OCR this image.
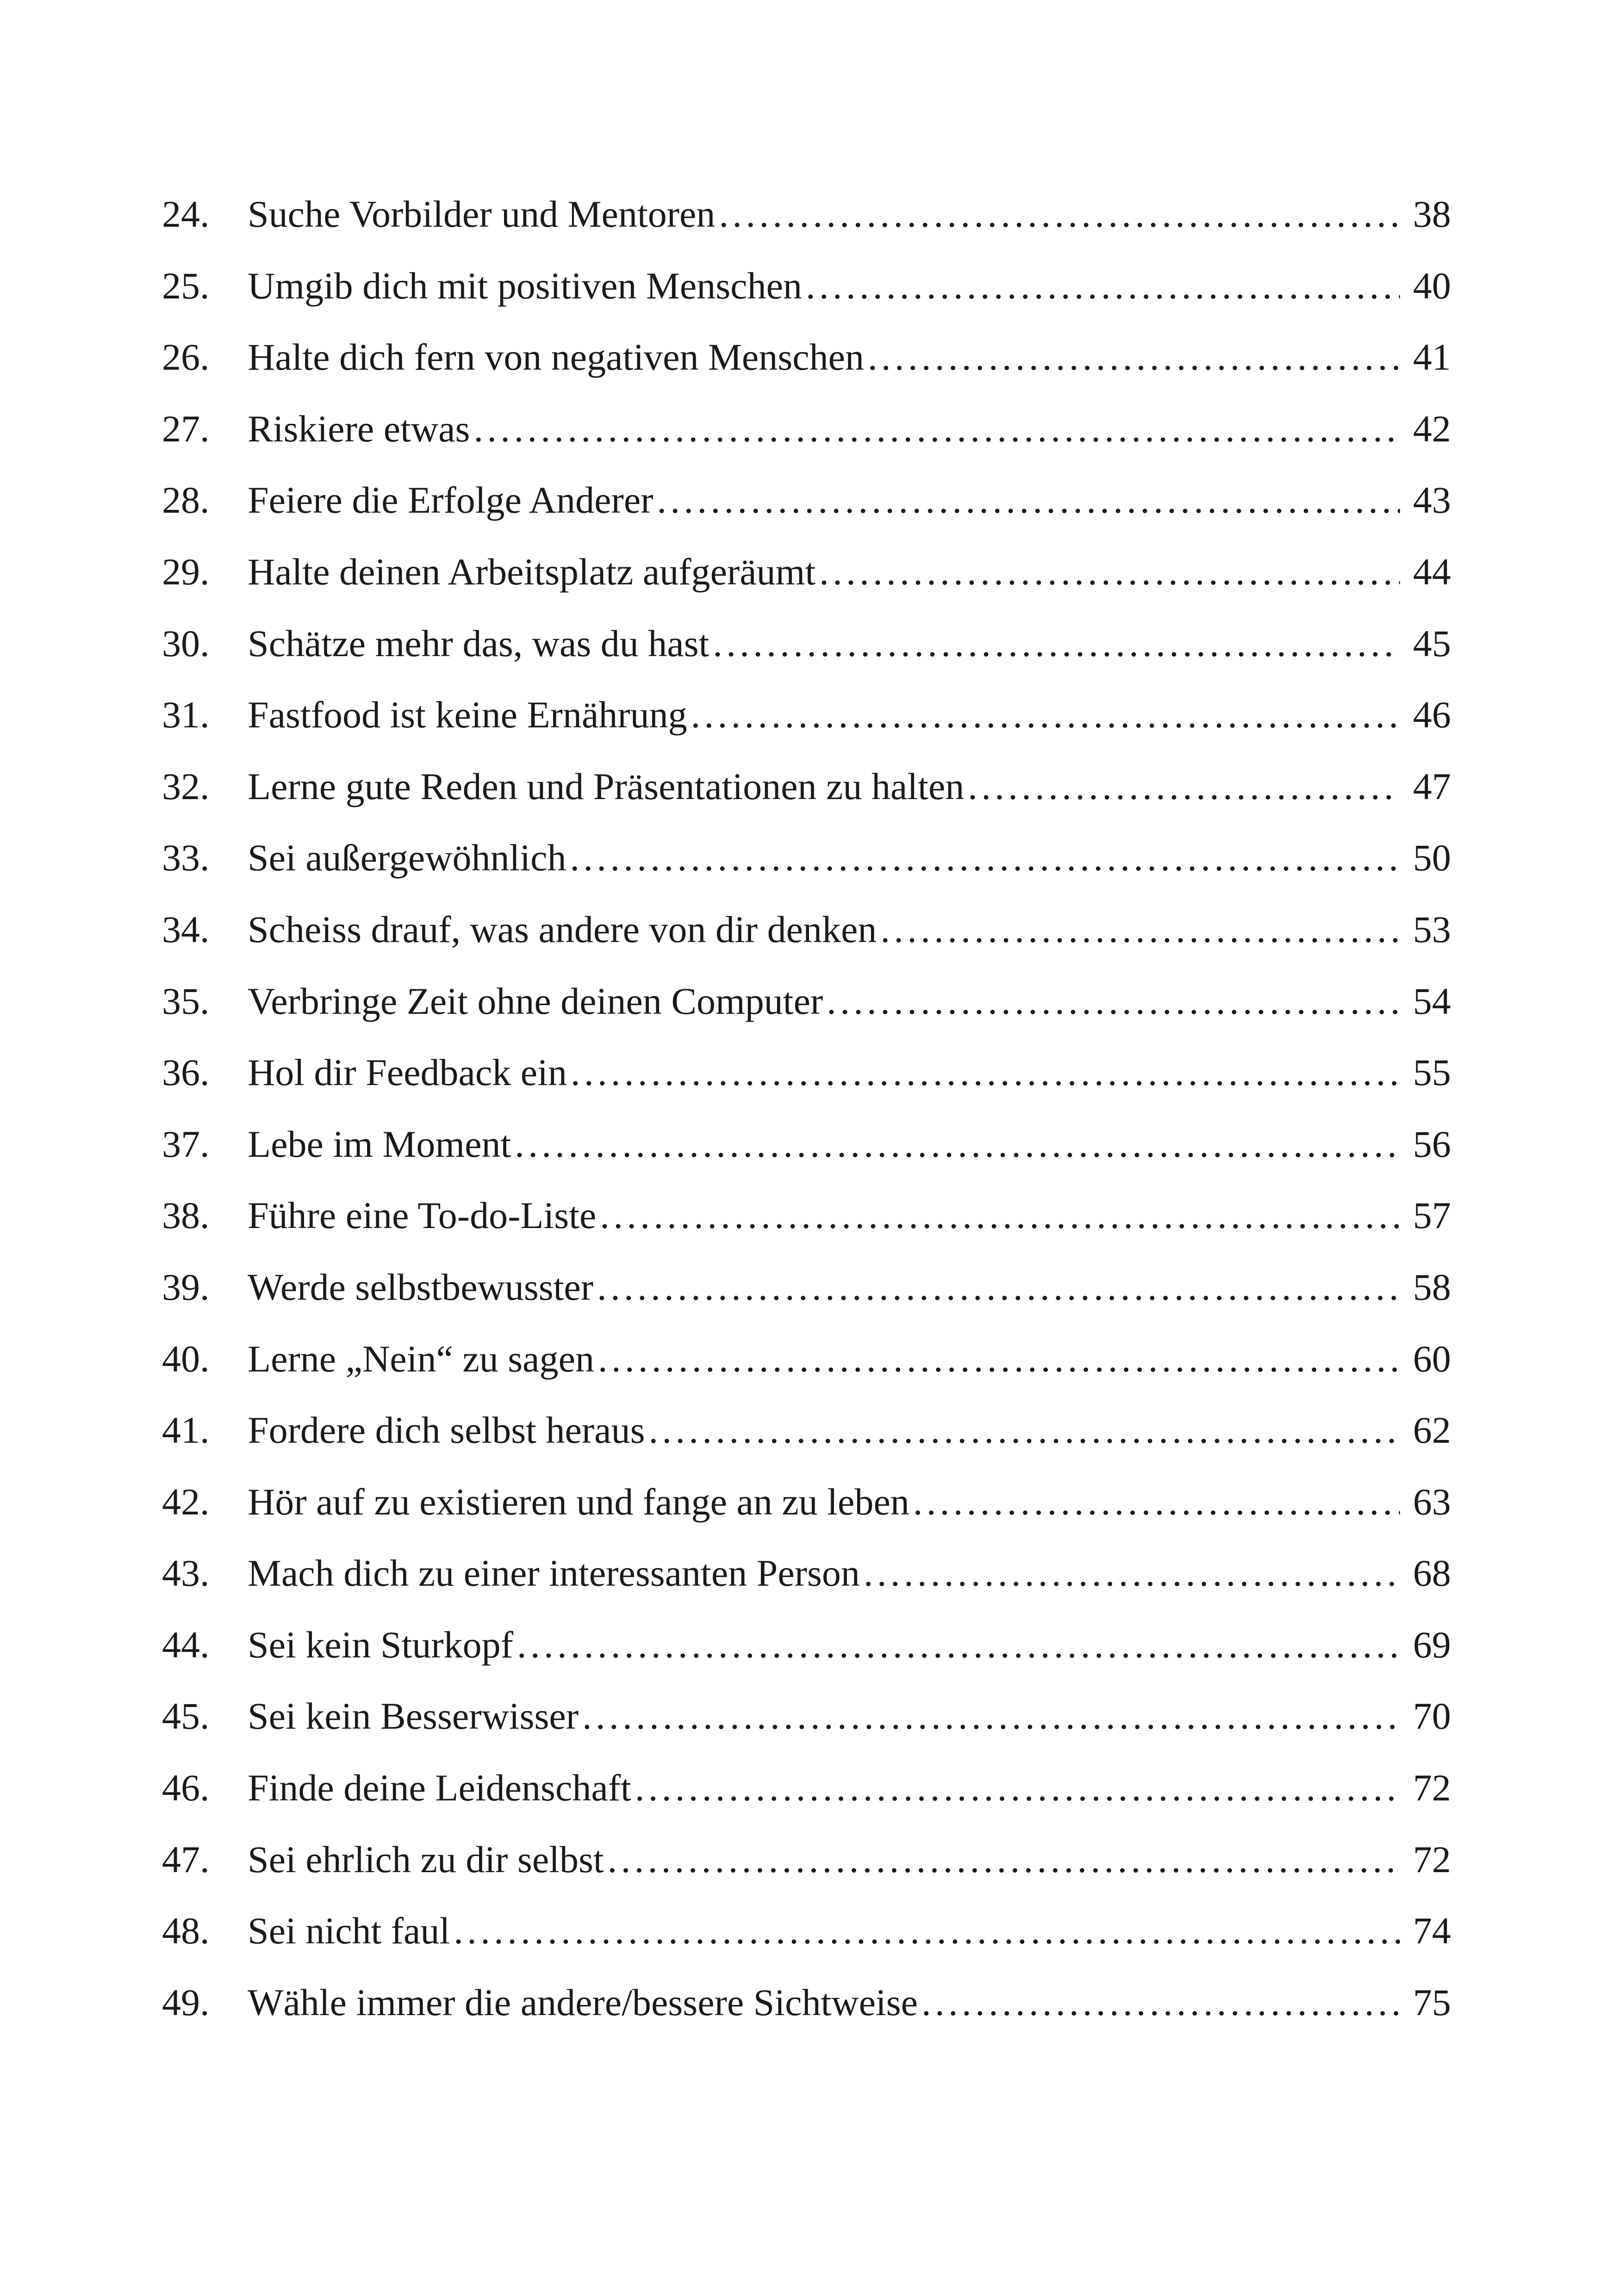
24.	Suche Vorbilder und Mentoren . . .	38
25.	Umgib dich mit positiven Menschen . . .	40
26.	Halte dich fern von negativen Menschen . . .	41
27.	Riskiere etwas . . .	42
28.	Feiere die Erfolge Anderer . . .	43
29.	Halte deinen Arbeitsplatz aufgeräumt . . .	44
30.	Schätze mehr das, was du hast . . .	45
31.	Fastfood ist keine Ernährung . . .	46
32.	Lerne gute Reden und Präsentationen zu halten . . .	47
33.	Sei außergewöhnlich . . .	50
34.	Scheiss drauf, was andere von dir denken . . .	53
35.	Verbringe Zeit ohne deinen Computer . . .	54
36.	Hol dir Feedback ein . . .	55
37.	Lebe im Moment . . .	56
38.	Führe eine To-do-Liste . . .	57
39.	Werde selbstbewusster . . .	58
40.	Lerne „Nein“ zu sagen . . .	60
41.	Fordere dich selbst heraus . . .	62
42.	Hör auf zu existieren und fange an zu leben . . .	63
43.	Mach dich zu einer interessanten Person . . .	68
44.	Sei kein Sturkopf . . .	69
45.	Sei kein Besserwisser . . .	70
46.	Finde deine Leidenschaft . . .	72
47.	Sei ehrlich zu dir selbst . . .	72
48.	Sei nicht faul . . .	74
49.	Wähle immer die andere/bessere Sichtweise . . .	75
